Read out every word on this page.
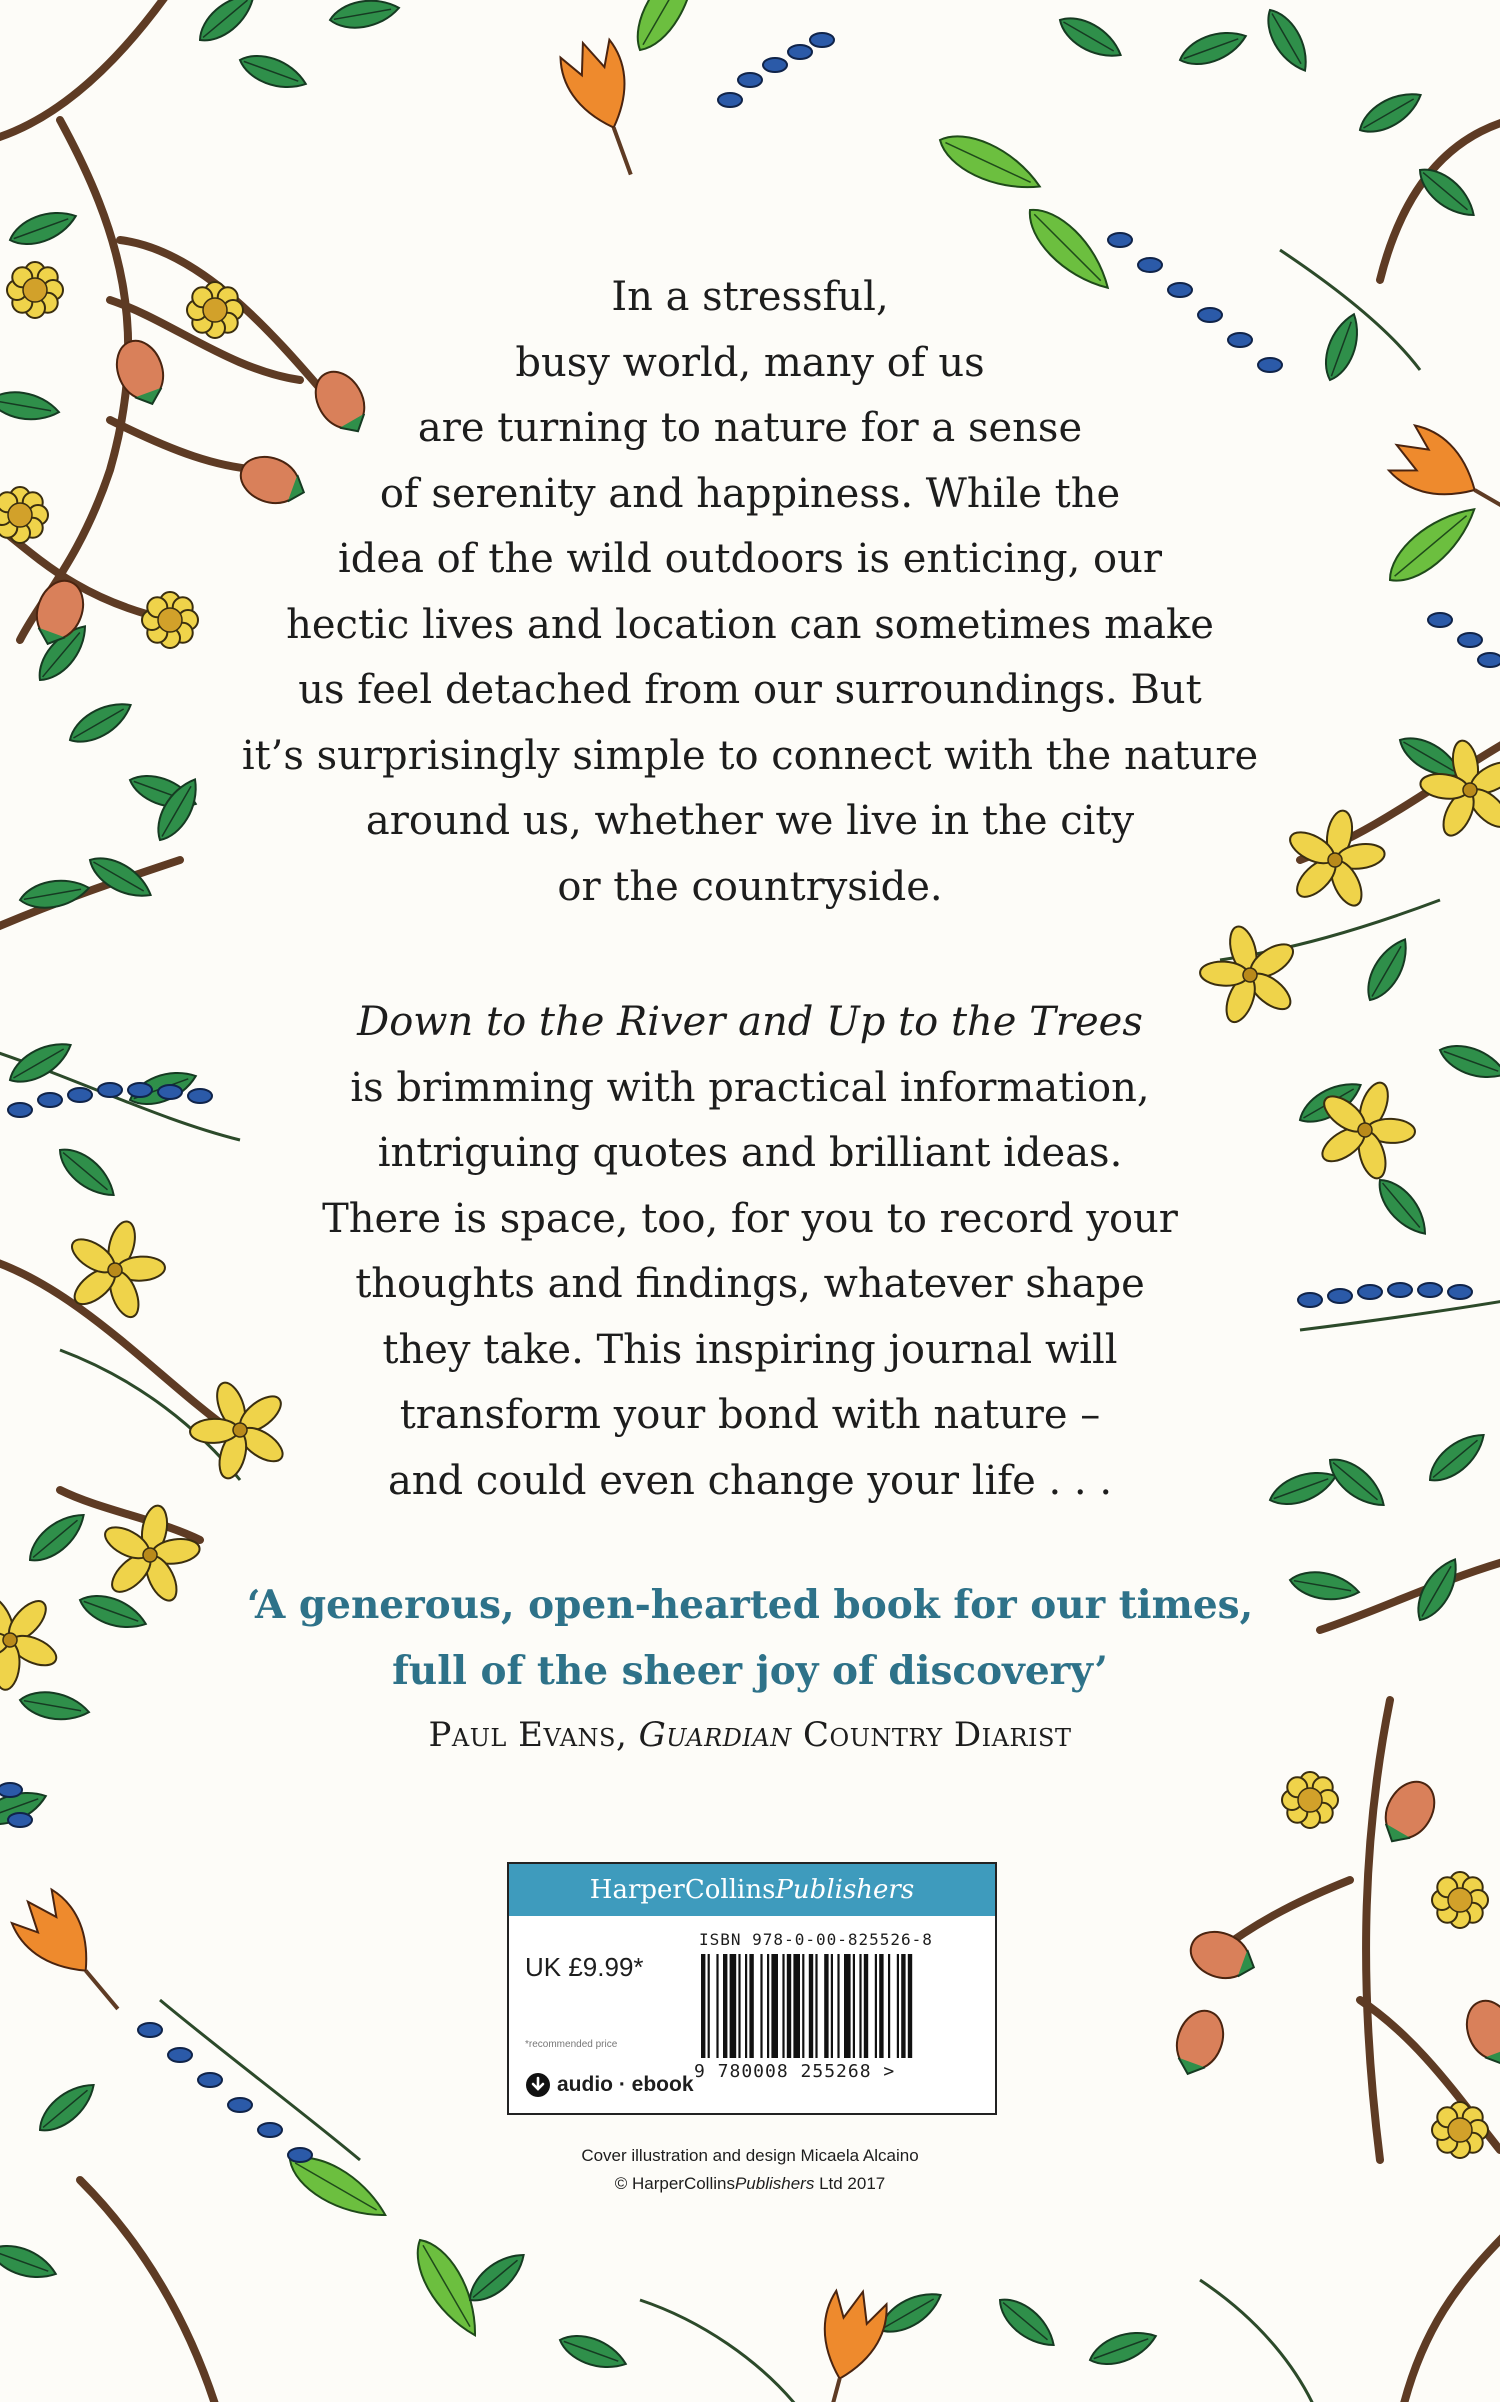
In a stressful,
busy world, many of us
are turning to nature for a sense
of serenity and happiness. While the
idea of the wild outdoors is enticing, our
hectic lives and location can sometimes make
us feel detached from our surroundings. But
it’s surprisingly simple to connect with the nature
around us, whether we live in the city
or the countryside.
Down to the River and Up to the Trees
is brimming with practical information,
intriguing quotes and brilliant ideas.
There is space, too, for you to record your
thoughts and findings, whatever shape
they take. This inspiring journal will
transform your bond with nature –
and could even change your life . . .
‘A generous, open-hearted book for our times,
full of the sheer joy of discovery’
Paul Evans, Guardian Country Diarist
HarperCollinsPublishers
UK £9.99*
*recommended price
ISBN 978-0-00-825526-8
9 780008 255268 >
audio · ebook
Cover illustration and design Micaela Alcaino
© HarperCollinsPublishers Ltd 2017
